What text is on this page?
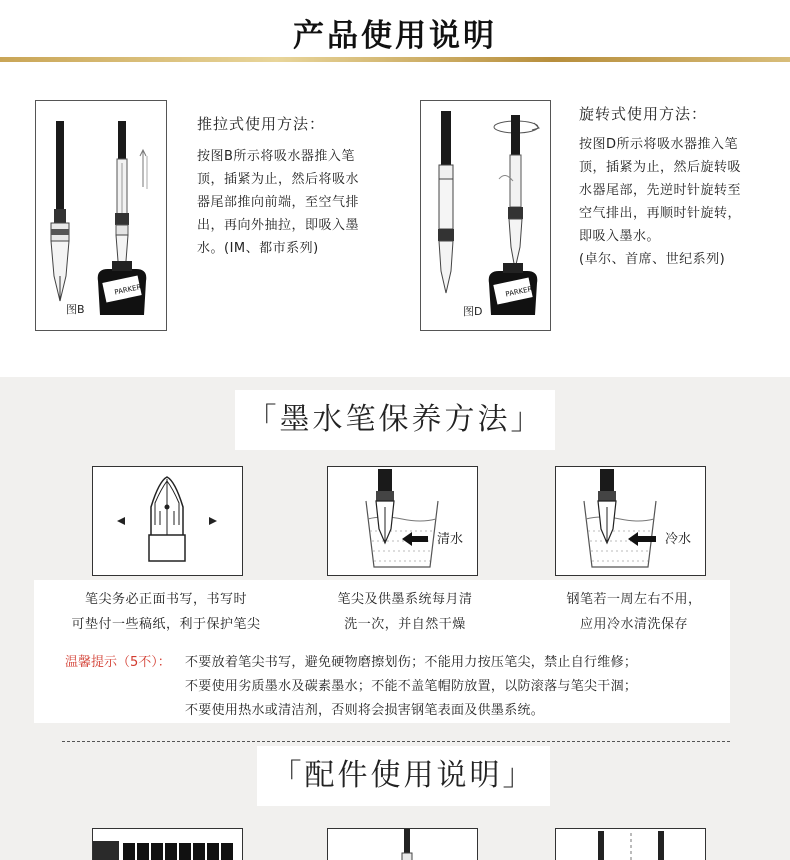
产品使用说明
PARKER
图B
推拉式使用方法：
按图B所示将吸水器推入笔
顶，插紧为止，然后将吸水
器尾部推向前端，至空气排
出，再向外抽拉，即吸入墨
水。(IM、都市系列)
PARKER
图D
旋转式使用方法：
按图D所示将吸水器推入笔
顶，插紧为止，然后旋转吸
水器尾部，先逆时针旋转至
空气排出，再顺时针旋转，
即吸入墨水。
(卓尔、首席、世纪系列)
「墨水笔保养方法」
清水	冷水
笔尖务必正面书写，书写时
可垫付一些稿纸，利于保护笔尖
笔尖及供墨系统每月清
洗一次，并自然干燥
钢笔若一周左右不用，
应用冷水清洗保存
温馨提示（5不）： 不要放着笔尖书写，避免硬物磨擦划伤；不能用力按压笔尖，禁止自行维修；
不要使用劣质墨水及碳素墨水；不能不盖笔帽防放置，以防滚落与笔尖干涸；
不要使用热水或清洁剂，否则将会损害钢笔表面及供墨系统。
「配件使用说明」
